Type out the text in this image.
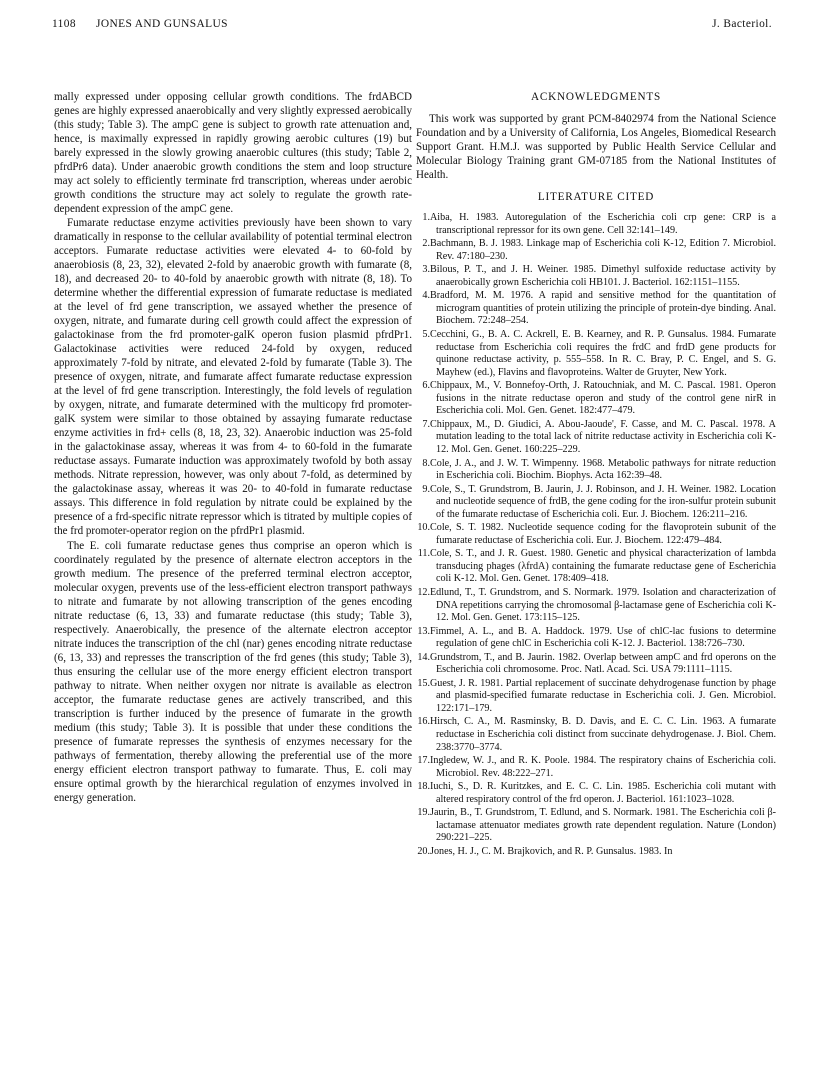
1108 JONES AND GUNSALUS	J. Bacteriol.

mally expressed under opposing cellular growth conditions. The frdABCD genes are highly expressed anaerobically and very slightly expressed aerobically (this study; Table 3). The ampC gene is subject to growth rate attenuation and, hence, is maximally expressed in rapidly growing aerobic cultures (19) but barely expressed in the slowly growing anaerobic cultures (this study; Table 2, pfrdPr6 data). Under anaerobic growth conditions the stem and loop structure may act solely to efficiently terminate frd transcription, whereas under aerobic growth conditions the structure may act solely to regulate the growth rate-dependent expression of the ampC gene.

Fumarate reductase enzyme activities previously have been shown to vary dramatically in response to the cellular availability of potential terminal electron acceptors. Fumarate reductase activities were elevated 4- to 60-fold by anaerobiosis (8, 23, 32), elevated 2-fold by anaerobic growth with fumarate (8, 18), and decreased 20- to 40-fold by anaerobic growth with nitrate (8, 18). To determine whether the differential expression of fumarate reductase is mediated at the level of frd gene transcription, we assayed whether the presence of oxygen, nitrate, and fumarate during cell growth could affect the expression of galactokinase from the frd promoter-galK operon fusion plasmid pfrdPr1. Galactokinase activities were reduced 24-fold by oxygen, reduced approximately 7-fold by nitrate, and elevated 2-fold by fumarate (Table 3). The presence of oxygen, nitrate, and fumarate affect fumarate reductase expression at the level of frd gene transcription. Interestingly, the fold levels of regulation by oxygen, nitrate, and fumarate determined with the multicopy frd promoter-galK system were similar to those obtained by assaying fumarate reductase enzyme activities in frd+ cells (8, 18, 23, 32). Anaerobic induction was 25-fold in the galactokinase assay, whereas it was from 4- to 60-fold in the fumarate reductase assays. Fumarate induction was approximately twofold by both assay methods. Nitrate repression, however, was only about 7-fold, as determined by the galactokinase assay, whereas it was 20- to 40-fold in fumarate reductase assays. This difference in fold regulation by nitrate could be explained by the presence of a frd-specific nitrate repressor which is titrated by multiple copies of the frd promoter-operator region on the pfrdPr1 plasmid.

The E. coli fumarate reductase genes thus comprise an operon which is coordinately regulated by the presence of alternate electron acceptors in the growth medium. The presence of the preferred terminal electron acceptor, molecular oxygen, prevents use of the less-efficient electron transport pathways to nitrate and fumarate by not allowing transcription of the genes encoding nitrate reductase (6, 13, 33) and fumarate reductase (this study; Table 3), respectively. Anaerobically, the presence of the alternate electron acceptor nitrate induces the transcription of the chl (nar) genes encoding nitrate reductase (6, 13, 33) and represses the transcription of the frd genes (this study; Table 3), thus ensuring the cellular use of the more energy efficient electron transport pathway to nitrate. When neither oxygen nor nitrate is available as electron acceptor, the fumarate reductase genes are actively transcribed, and this transcription is further induced by the presence of fumarate in the growth medium (this study; Table 3). It is possible that under these conditions the presence of fumarate represses the synthesis of enzymes necessary for the pathways of fermentation, thereby allowing the preferential use of the more energy efficient electron transport pathway to fumarate. Thus, E. coli may ensure optimal growth by the hierarchical regulation of enzymes involved in energy generation.

ACKNOWLEDGMENTS

This work was supported by grant PCM-8402974 from the National Science Foundation and by a University of California, Los Angeles, Biomedical Research Support Grant. H.M.J. was supported by Public Health Service Cellular and Molecular Biology Training grant GM-07185 from the National Institutes of Health.

LITERATURE CITED
1. Aiba, H. 1983. Autoregulation of the Escherichia coli crp gene: CRP is a transcriptional repressor for its own gene. Cell 32:141–149.
2. Bachmann, B. J. 1983. Linkage map of Escherichia coli K-12, Edition 7. Microbiol. Rev. 47:180–230.
3. Bilous, P. T., and J. H. Weiner. 1985. Dimethyl sulfoxide reductase activity by anaerobically grown Escherichia coli HB101. J. Bacteriol. 162:1151–1155.
4. Bradford, M. M. 1976. A rapid and sensitive method for the quantitation of microgram quantities of protein utilizing the principle of protein-dye binding. Anal. Biochem. 72:248–254.
5. Cecchini, G., B. A. C. Ackrell, E. B. Kearney, and R. P. Gunsalus. 1984. Fumarate reductase from Escherichia coli requires the frdC and frdD gene products for quinone reductase activity, p. 555–558. In R. C. Bray, P. C. Engel, and S. G. Mayhew (ed.), Flavins and flavoproteins. Walter de Gruyter, New York.
6. Chippaux, M., V. Bonnefoy-Orth, J. Ratouchniak, and M. C. Pascal. 1981. Operon fusions in the nitrate reductase operon and study of the control gene nirR in Escherichia coli. Mol. Gen. Genet. 182:477–479.
7. Chippaux, M., D. Giudici, A. Abou-Jaoude', F. Casse, and M. C. Pascal. 1978. A mutation leading to the total lack of nitrite reductase activity in Escherichia coli K-12. Mol. Gen. Genet. 160:225–229.
8. Cole, J. A., and J. W. T. Wimpenny. 1968. Metabolic pathways for nitrate reduction in Escherichia coli. Biochim. Biophys. Acta 162:39–48.
9. Cole, S., T. Grundstrom, B. Jaurin, J. J. Robinson, and J. H. Weiner. 1982. Location and nucleotide sequence of frdB, the gene coding for the iron-sulfur protein subunit of the fumarate reductase of Escherichia coli. Eur. J. Biochem. 126:211–216.
10. Cole, S. T. 1982. Nucleotide sequence coding for the flavoprotein subunit of the fumarate reductase of Escherichia coli. Eur. J. Biochem. 122:479–484.
11. Cole, S. T., and J. R. Guest. 1980. Genetic and physical characterization of lambda transducing phages (λfrdA) containing the fumarate reductase gene of Escherichia coli K-12. Mol. Gen. Genet. 178:409–418.
12. Edlund, T., T. Grundstrom, and S. Normark. 1979. Isolation and characterization of DNA repetitions carrying the chromosomal β-lactamase gene of Escherichia coli K-12. Mol. Gen. Genet. 173:115–125.
13. Fimmel, A. L., and B. A. Haddock. 1979. Use of chlC-lac fusions to determine regulation of gene chlC in Escherichia coli K-12. J. Bacteriol. 138:726–730.
14. Grundstrom, T., and B. Jaurin. 1982. Overlap between ampC and frd operons on the Escherichia coli chromosome. Proc. Natl. Acad. Sci. USA 79:1111–1115.
15. Guest, J. R. 1981. Partial replacement of succinate dehydrogenase function by phage and plasmid-specified fumarate reductase in Escherichia coli. J. Gen. Microbiol. 122:171–179.
16. Hirsch, C. A., M. Rasminsky, B. D. Davis, and E. C. C. Lin. 1963. A fumarate reductase in Escherichia coli distinct from succinate dehydrogenase. J. Biol. Chem. 238:3770–3774.
17. Ingledew, W. J., and R. K. Poole. 1984. The respiratory chains of Escherichia coli. Microbiol. Rev. 48:222–271.
18. Iuchi, S., D. R. Kuritzkes, and E. C. C. Lin. 1985. Escherichia coli mutant with altered respiratory control of the frd operon. J. Bacteriol. 161:1023–1028.
19. Jaurin, B., T. Grundstrom, T. Edlund, and S. Normark. 1981. The Escherichia coli β-lactamase attenuator mediates growth rate dependent regulation. Nature (London) 290:221–225.
20. Jones, H. J., C. M. Brajkovich, and R. P. Gunsalus. 1983. In
